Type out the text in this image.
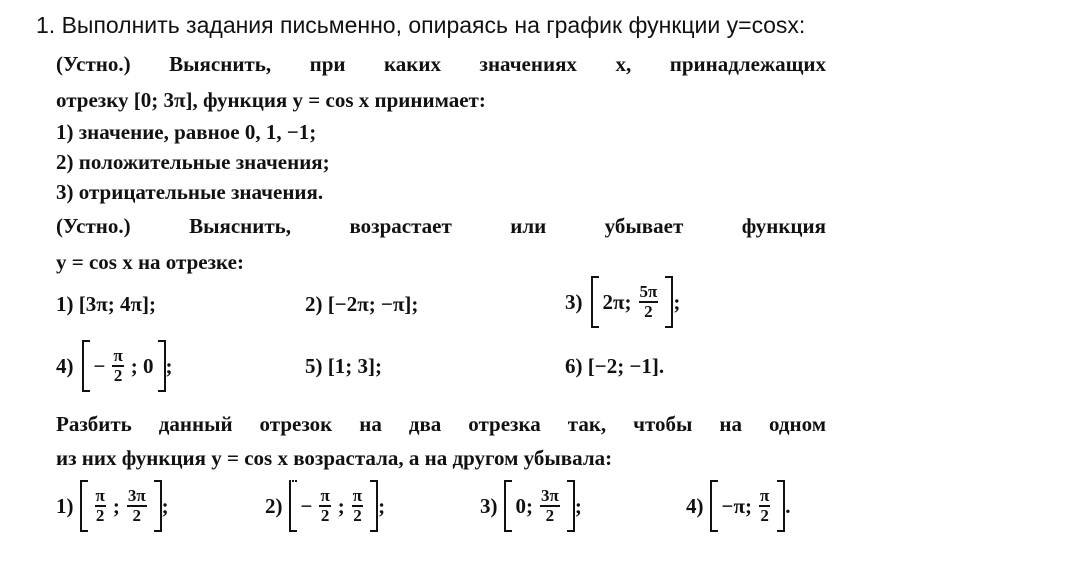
1. Выполнить задания письменно, опираясь на график функции y=cosx:
(Устно.) Выяснить, при каких значениях x, принадлежащих
отрезку [0; 3π], функция y = cos x принимает:
1) значение, равное 0, 1, −1;
2) положительные значения;
3) отрицательные значения.
(Устно.) Выяснить, возрастает или убывает функция
y = cos x на отрезке:
1) [3π; 4π];	2) [−2π; −π];	3) 2π; $\frac{5\pi}{2}$ ;
$4) - \frac{\pi}{2}$ ; 0 ;	5) [1; 3];	6) [−2; −1].
Разбить данный отрезок на два отрезка так, чтобы на одном
из них функция y = cos x возрастала, а на другом убывала:
$1) \frac{\pi}{2}$ ; $\frac{3\pi}{2}$ ;	$2) - \frac{\pi}{2}$ ; $\frac{\pi}{2}$ ;	3) 0; $\frac{3\pi}{2}$ ;	4) −π; $\frac{\pi}{2}$ .
